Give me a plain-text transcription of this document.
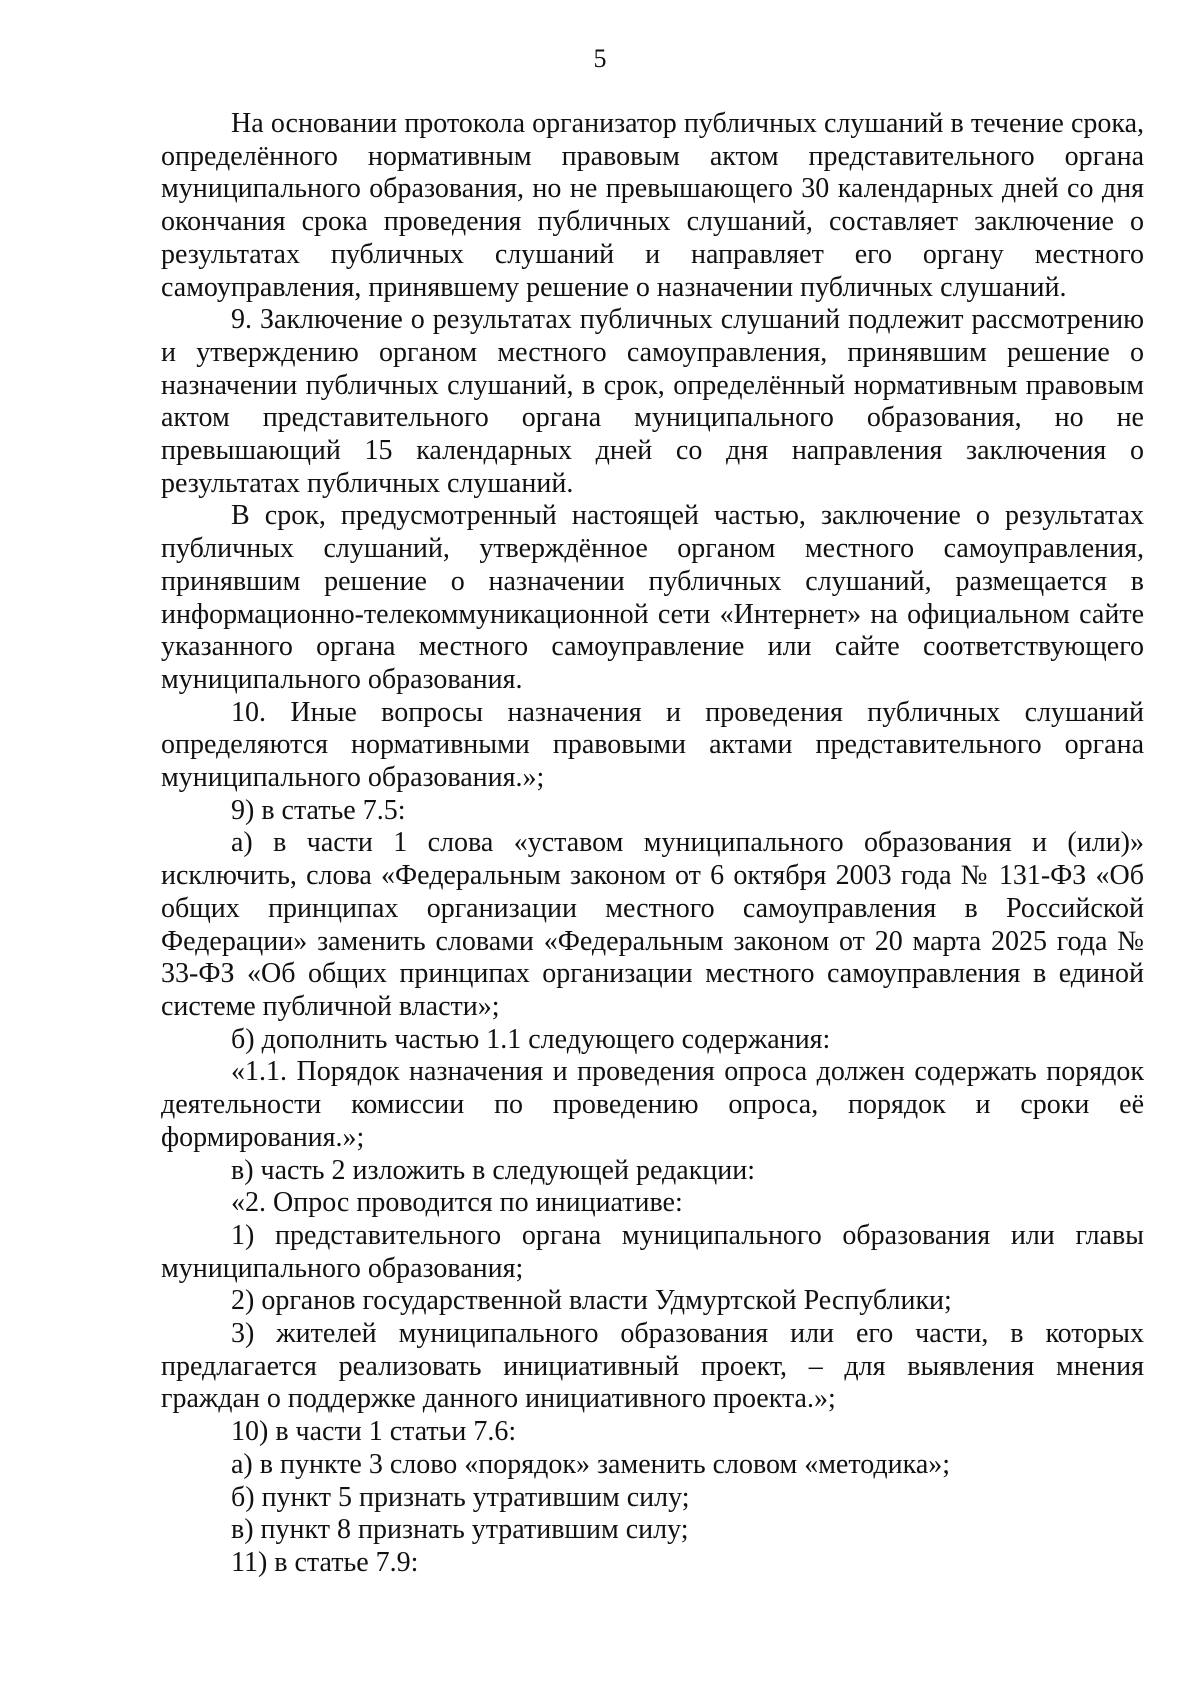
5

На основании протокола организатор публичных слушаний в течение срока, определённого нормативным правовым актом представительного органа муниципального образования, но не превышающего 30 календарных дней со дня окончания срока проведения публичных слушаний, составляет заключение о результатах публичных слушаний и направляет его органу местного самоуправления, принявшему решение о назначении публичных слушаний.

9. Заключение о результатах публичных слушаний подлежит рассмотрению и утверждению органом местного самоуправления, принявшим решение о назначении публичных слушаний, в срок, определённый нормативным правовым актом представительного органа муниципального образования, но не превышающий 15 календарных дней со дня направления заключения о результатах публичных слушаний.

В срок, предусмотренный настоящей частью, заключение о результатах публичных слушаний, утверждённое органом местного самоуправления, принявшим решение о назначении публичных слушаний, размещается в информационно-телекоммуникационной сети «Интернет» на официальном сайте указанного органа местного самоуправление или сайте соответствующего муниципального образования.

10. Иные вопросы назначения и проведения публичных слушаний определяются нормативными правовыми актами представительного органа муниципального образования.»;

9) в статье 7.5:

а) в части 1 слова «уставом муниципального образования и (или)» исключить, слова «Федеральным законом от 6 октября 2003 года № 131-ФЗ «Об общих принципах организации местного самоуправления в Российской Федерации» заменить словами «Федеральным законом от 20 марта 2025 года № 33-ФЗ «Об общих принципах организации местного самоуправления в единой системе публичной власти»;

б) дополнить частью 1.1 следующего содержания:

«1.1. Порядок назначения и проведения опроса должен содержать порядок деятельности комиссии по проведению опроса, порядок и сроки её формирования.»;

в) часть 2 изложить в следующей редакции:

«2. Опрос проводится по инициативе:

1) представительного органа муниципального образования или главы муниципального образования;

2) органов государственной власти Удмуртской Республики;

3) жителей муниципального образования или его части, в которых предлагается реализовать инициативный проект, – для выявления мнения граждан о поддержке данного инициативного проекта.»;

10) в части 1 статьи 7.6:

а) в пункте 3 слово «порядок» заменить словом «методика»;

б) пункт 5 признать утратившим силу;

в) пункт 8 признать утратившим силу;

11) в статье 7.9:
